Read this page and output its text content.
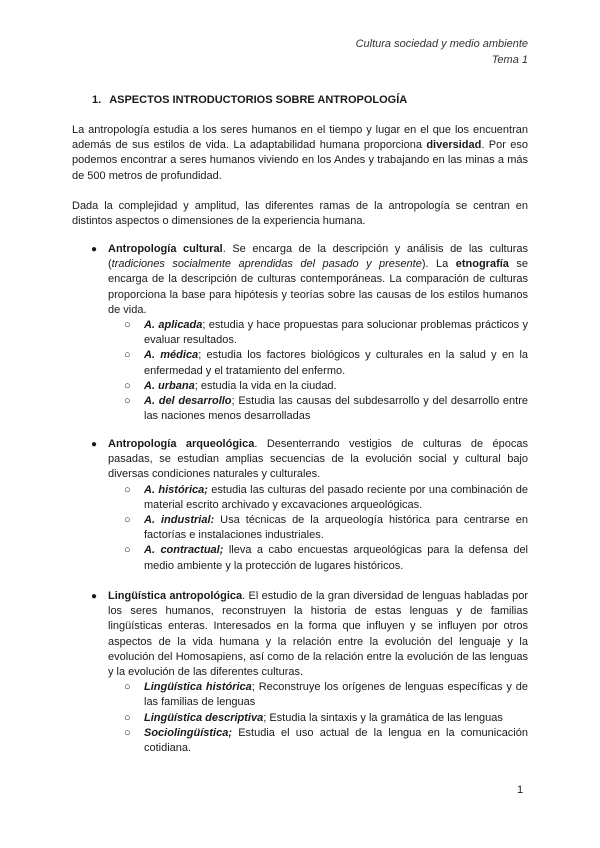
Cultura sociedad y medio ambiente
Tema 1
1. ASPECTOS INTRODUCTORIOS SOBRE ANTROPOLOGÍA

La antropología estudia a los seres humanos en el tiempo y lugar en el que los encuentran además de sus estilos de vida. La adaptabilidad humana proporciona diversidad. Por eso podemos encontrar a seres humanos viviendo en los Andes y trabajando en las minas a más de 500 metros de profundidad.

Dada la complejidad y amplitud, las diferentes ramas de la antropología se centran en distintos aspectos o dimensiones de la experiencia humana.

● Antropología cultural. Se encarga de la descripción y análisis de las culturas (tradiciones socialmente aprendidas del pasado y presente). La etnografía se encarga de la descripción de culturas contemporáneas. La comparación de culturas proporciona la base para hipótesis y teorías sobre las causas de los estilos humanos de vida.

○ A. aplicada; estudia y hace propuestas para solucionar problemas prácticos y evaluar resultados.
○ A. médica; estudia los factores biológicos y culturales en la salud y en la enfermedad y el tratamiento del enfermo.
○ A. urbana; estudia la vida en la ciudad.
○ A. del desarrollo; Estudia las causas del subdesarrollo y del desarrollo entre las naciones menos desarrolladas
● Antropología arqueológica. Desenterrando vestigios de culturas de épocas pasadas, se estudian amplias secuencias de la evolución social y cultural bajo diversas condiciones naturales y culturales.

○ A. histórica; estudia las culturas del pasado reciente por una combinación de material escrito archivado y excavaciones arqueológicas.
○ A. industrial: Usa técnicas de la arqueología histórica para centrarse en factorías e instalaciones industriales.
○ A. contractual; lleva a cabo encuestas arqueológicas para la defensa del medio ambiente y la protección de lugares históricos.
● Lingüística antropológica. El estudio de la gran diversidad de lenguas habladas por los seres humanos, reconstruyen la historia de estas lenguas y de familias lingüísticas enteras. Interesados en la forma que influyen y se influyen por otros aspectos de la vida humana y la relación entre la evolución del lenguaje y la evolución del Homosapiens, así como de la relación entre la evolución de las lenguas y la evolución de las diferentes culturas.

○ Lingüística histórica; Reconstruye los orígenes de lenguas específicas y de las familias de lenguas
○ Lingüística descriptiva; Estudia la sintaxis y la gramática de las lenguas
○ Sociolingüística; Estudia el uso actual de la lengua en la comunicación cotidiana.
1
